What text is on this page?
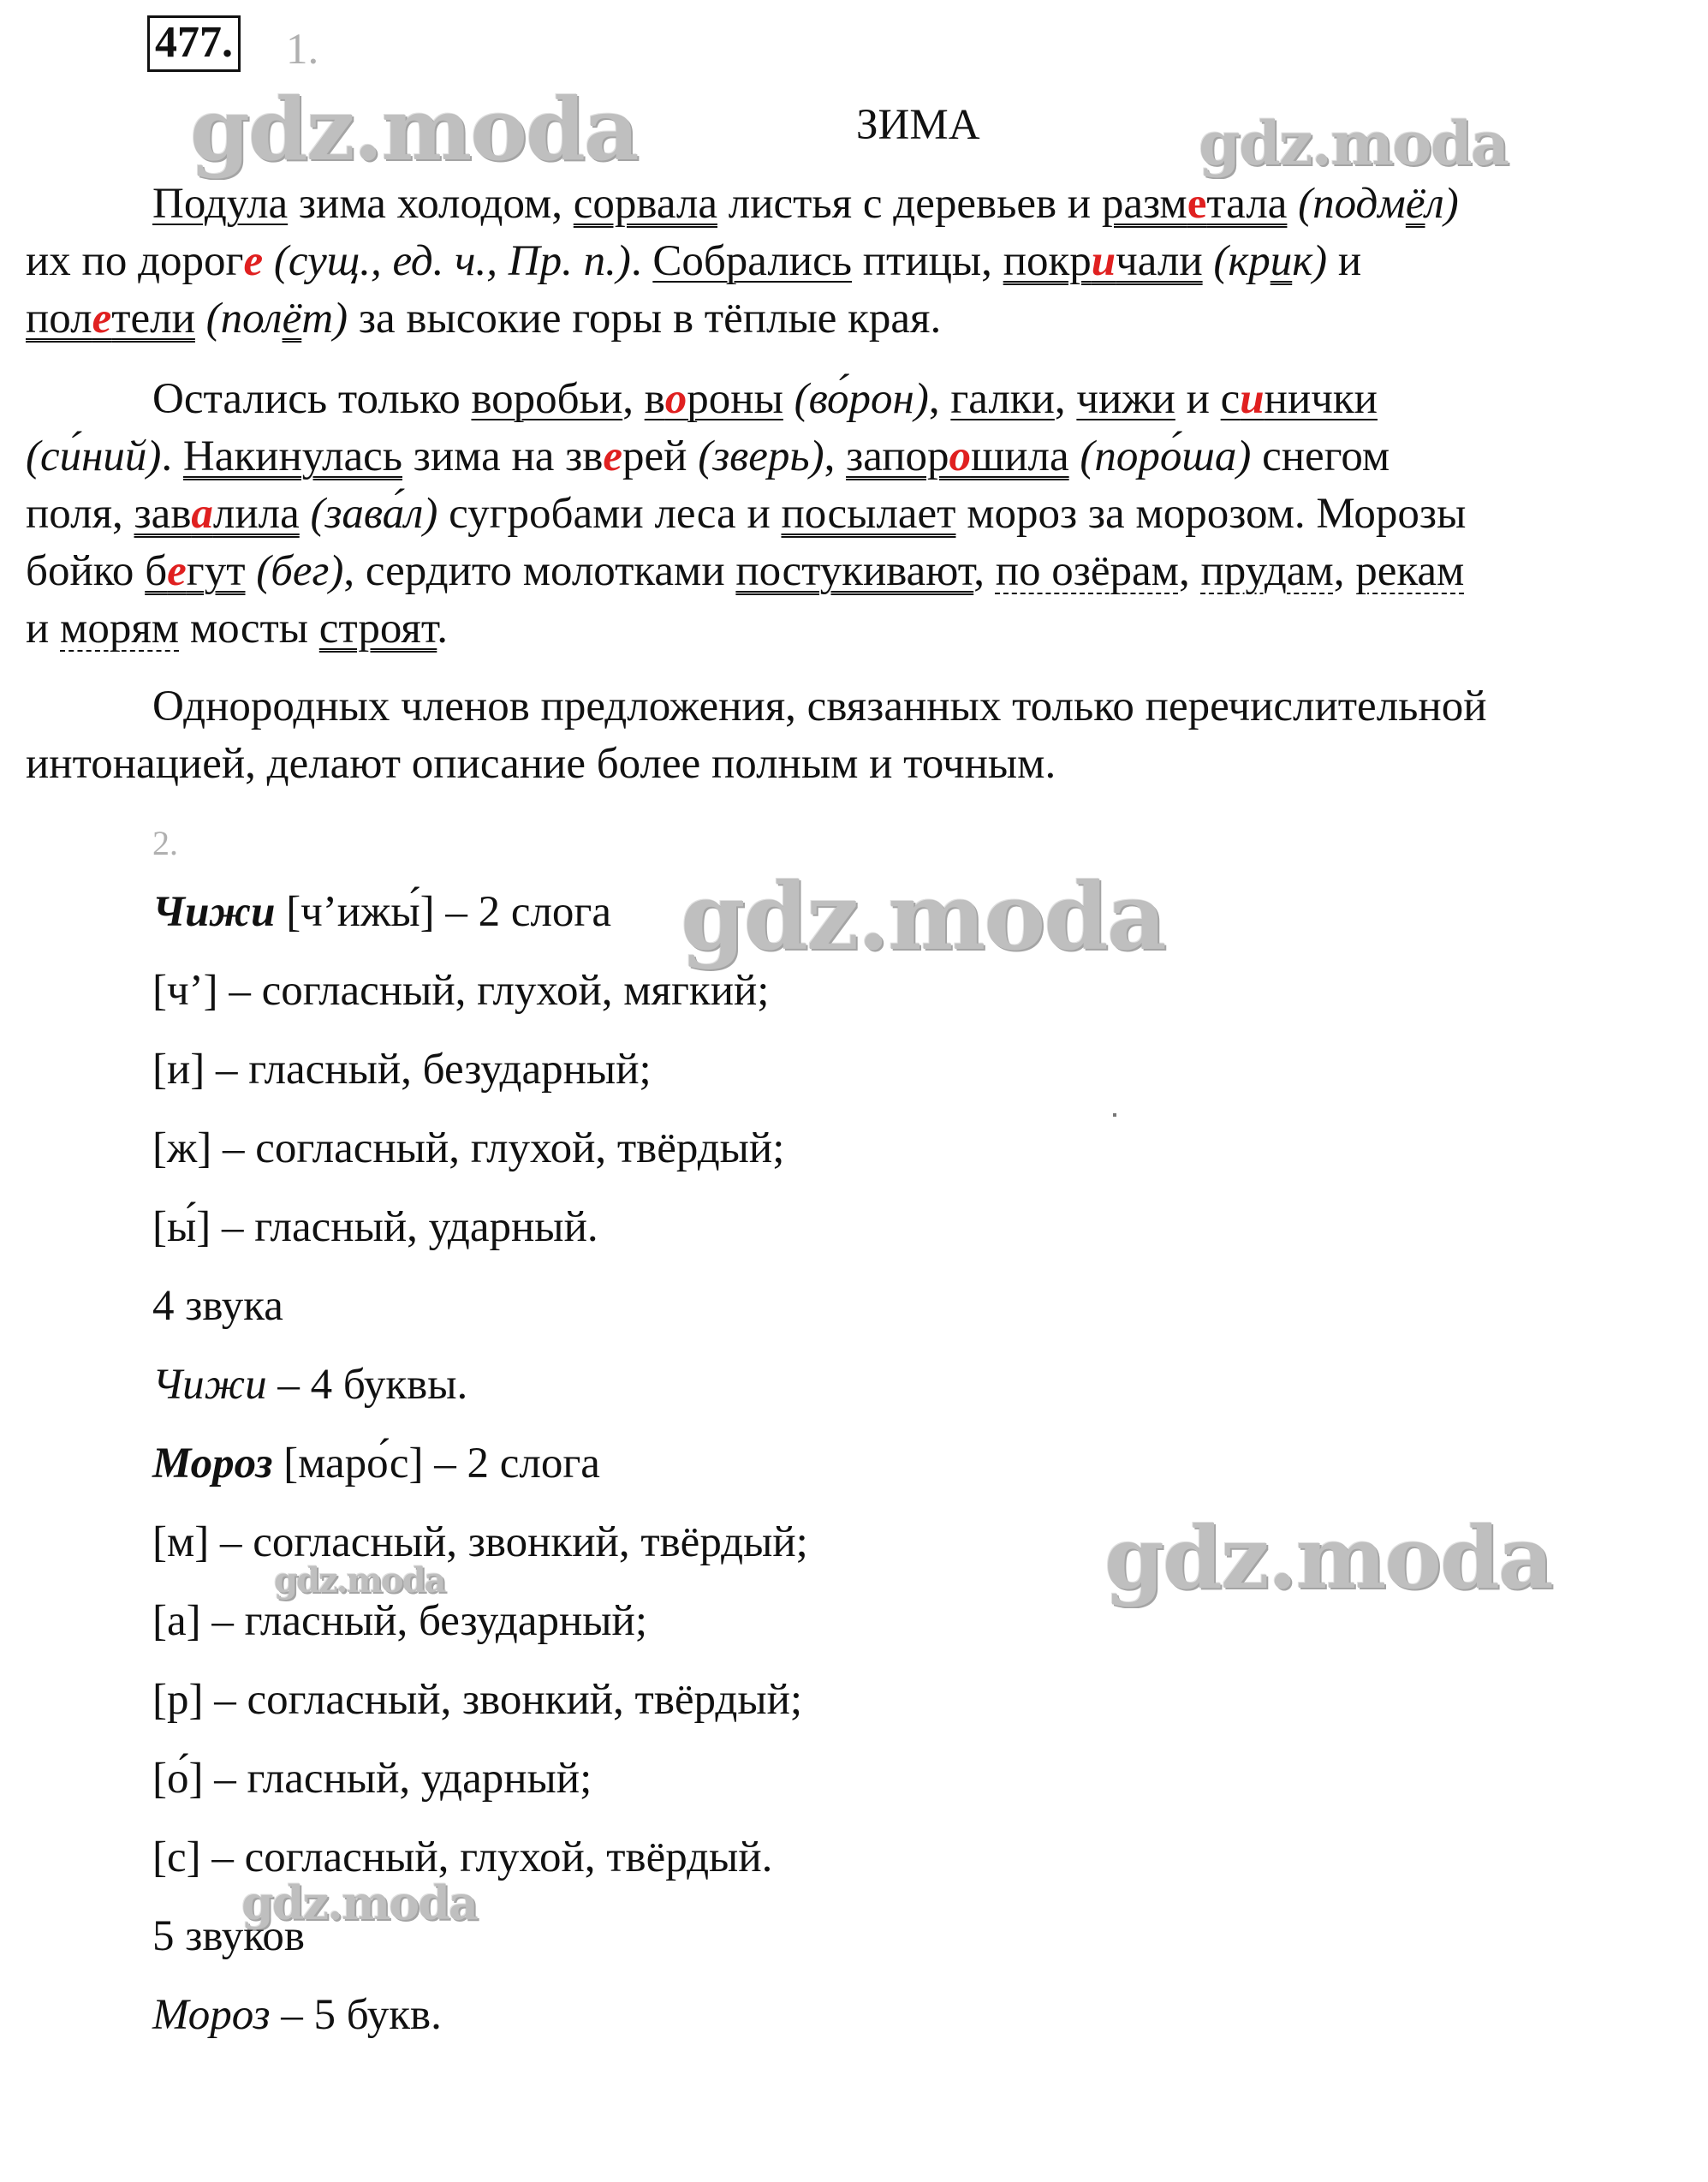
477. 1.
ЗИМА
Подула зима холодом, сорвала листья с деревьев и разметала (подмёл)
их по дороге (сущ., ед. ч., Пр. п.). Собрались птицы, покричали (крик) и
полетели (полёт) за высокие горы в тёплые края.
Остались только воробьи, вороны (во́рон), галки, чижи и синички
(си́ний). Накинулась зима на зверей (зверь), запорошила (поро́ша) снегом
поля, завалила (зава́л) сугробами леса и посылает мороз за морозом. Морозы
бойко бегут (бег), сердито молотками постукивают, по озёрам, прудам, рекам
и морям мосты строят.
Однородных членов предложения, связанных только перечислительной
интонацией, делают описание более полным и точным.
2.
Чижи [ч’ижы́] – 2 слога
[ч’] – согласный, глухой, мягкий;
[и] – гласный, безударный;
[ж] – согласный, глухой, твёрдый;
[ы́] – гласный, ударный.
4 звука
Чижи – 4 буквы.
Мороз [маро́с] – 2 слога
[м] – согласный, звонкий, твёрдый;
[а] – гласный, безударный;
[р] – согласный, звонкий, твёрдый;
[о́] – гласный, ударный;
[с] – согласный, глухой, твёрдый.
5 звуков
Мороз – 5 букв.
gdz.moda	gdz.moda
gdz.moda
gdz.moda
gdz.moda
gdz.moda
